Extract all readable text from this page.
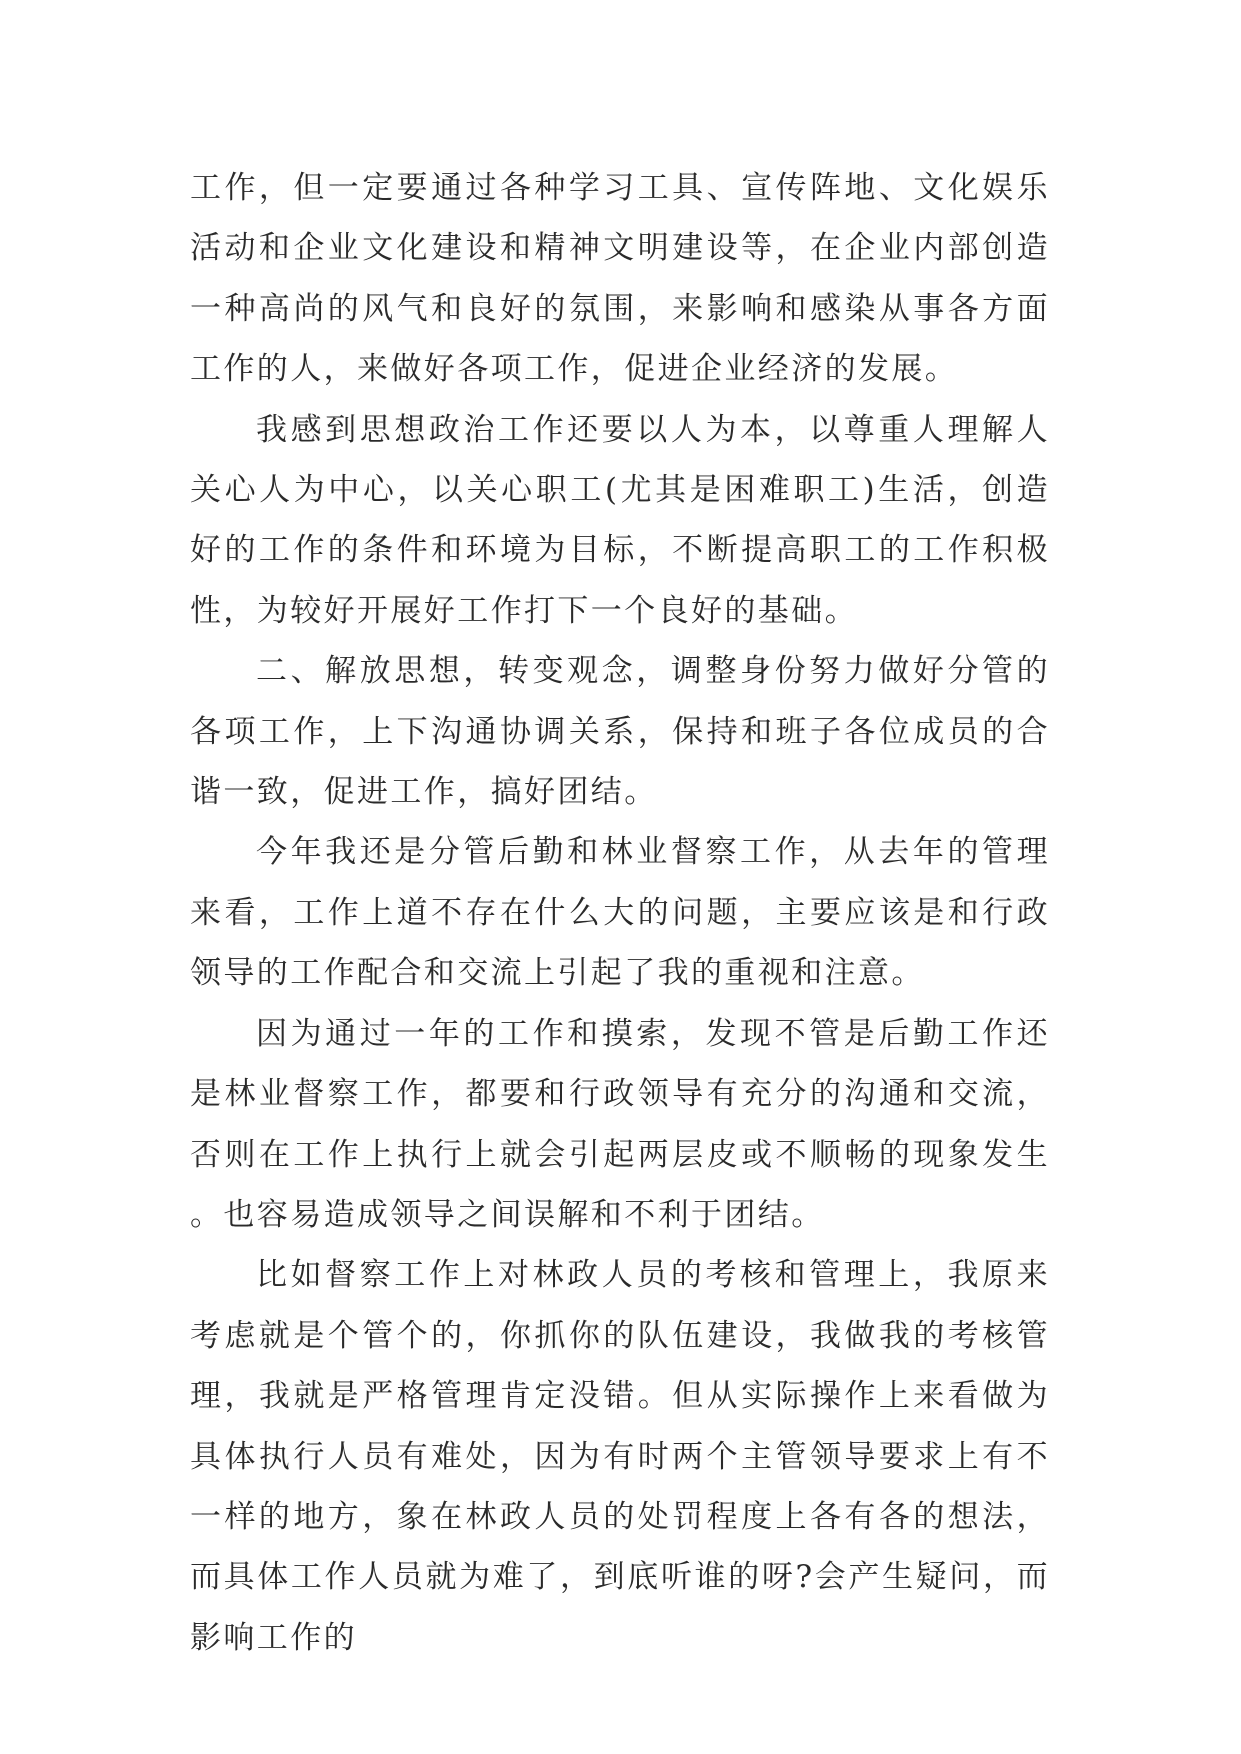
工作，但一定要通过各种学习工具、宣传阵地、文化娱乐活动和企业文化建设和精神文明建设等，在企业内部创造一种高尚的风气和良好的氛围，来影响和感染从事各方面工作的人，来做好各项工作，促进企业经济的发展。

我感到思想政治工作还要以人为本，以尊重人理解人关心人为中心，以关心职工(尤其是困难职工)生活，创造好的工作的条件和环境为目标，不断提高职工的工作积极性，为较好开展好工作打下一个良好的基础。

二、解放思想，转变观念，调整身份努力做好分管的各项工作，上下沟通协调关系，保持和班子各位成员的合谐一致，促进工作，搞好团结。

今年我还是分管后勤和林业督察工作，从去年的管理来看，工作上道不存在什么大的问题，主要应该是和行政领导的工作配合和交流上引起了我的重视和注意。

因为通过一年的工作和摸索，发现不管是后勤工作还是林业督察工作，都要和行政领导有充分的沟通和交流，否则在工作上执行上就会引起两层皮或不顺畅的现象发生。也容易造成领导之间误解和不利于团结。

比如督察工作上对林政人员的考核和管理上，我原来考虑就是个管个的，你抓你的队伍建设，我做我的考核管理，我就是严格管理肯定没错。但从实际操作上来看做为具体执行人员有难处，因为有时两个主管领导要求上有不一样的地方，象在林政人员的处罚程度上各有各的想法，而具体工作人员就为难了，到底听谁的呀?会产生疑问，而影响工作的
